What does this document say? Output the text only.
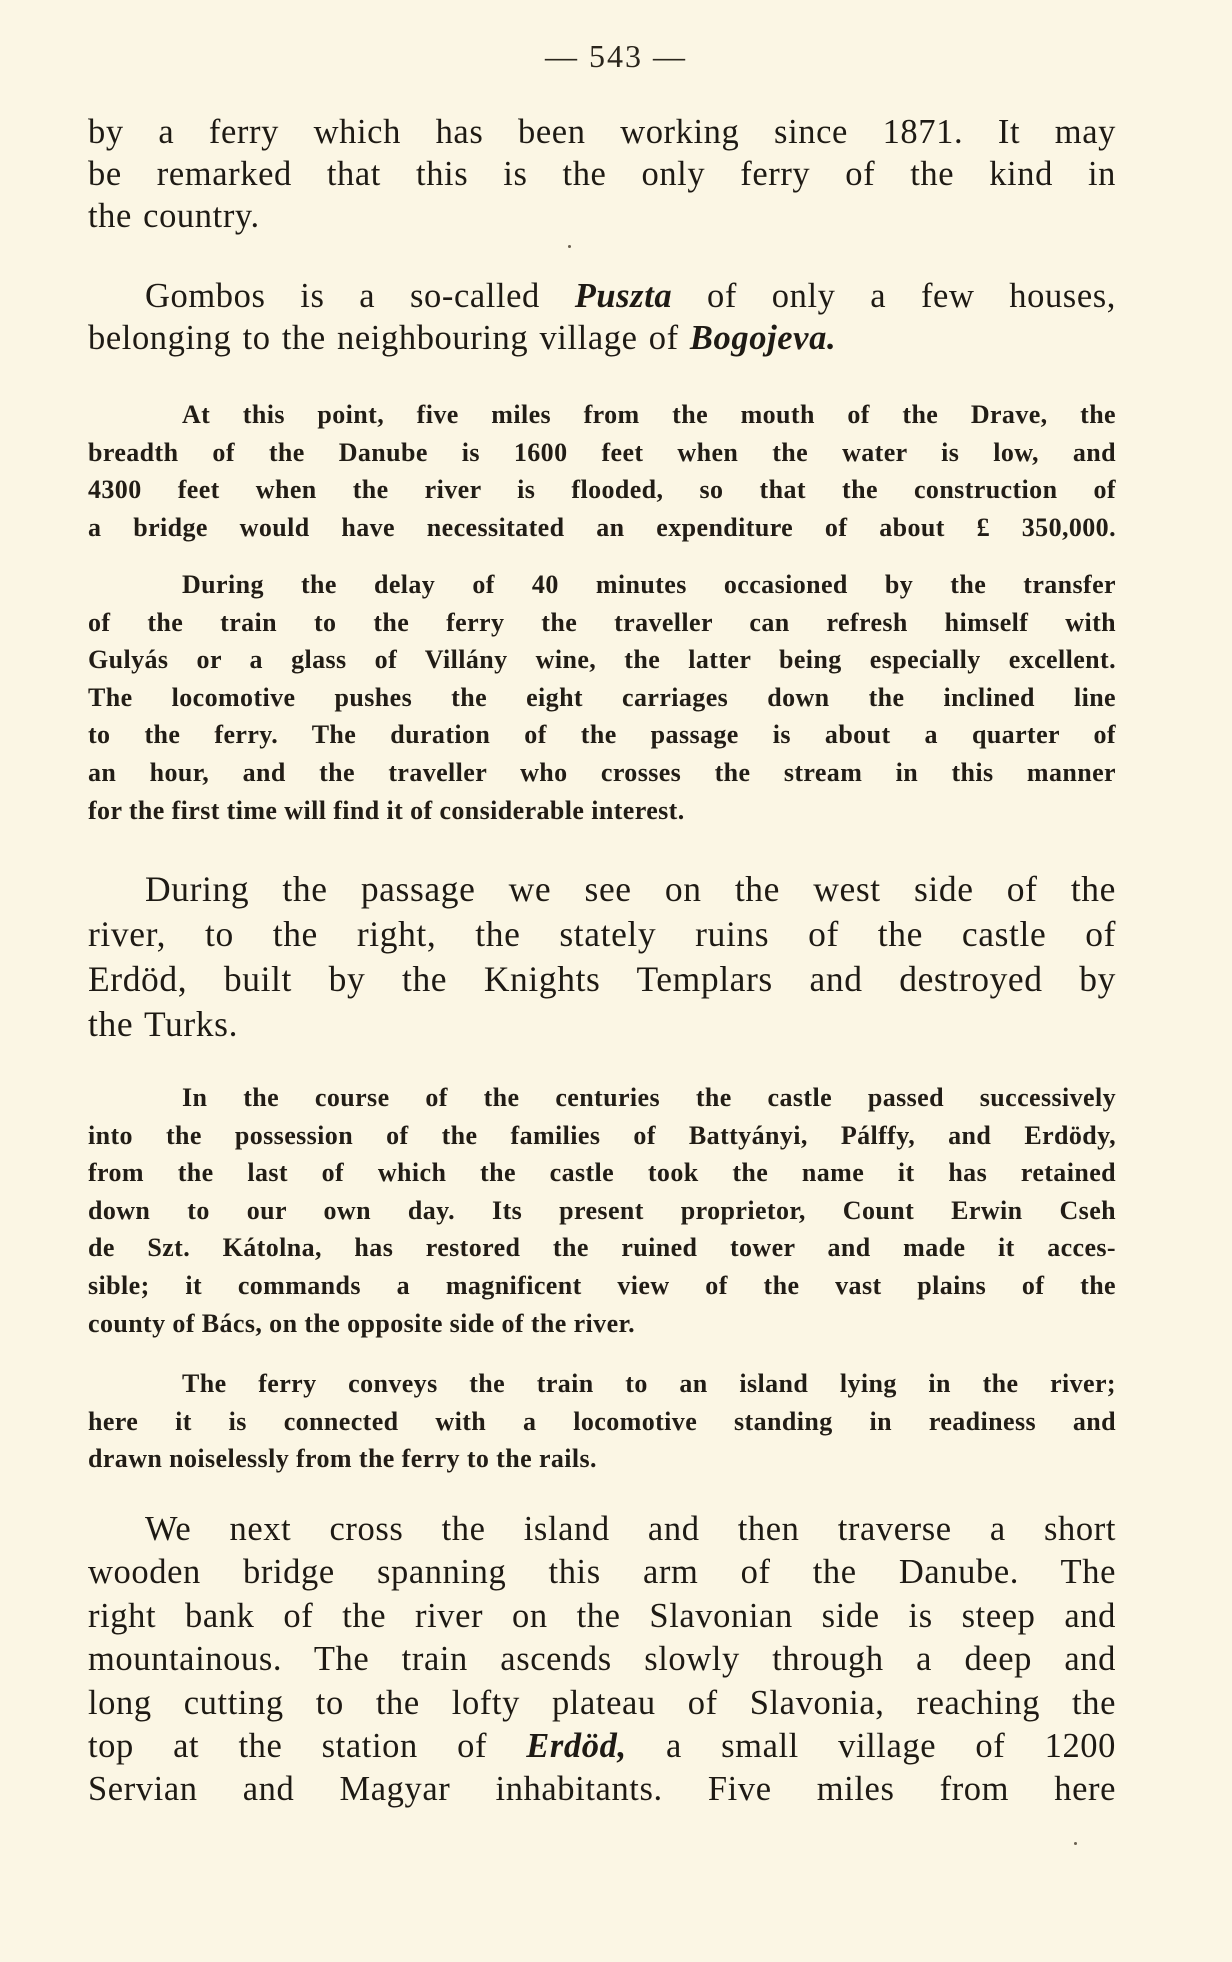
— 543 —
by a ferry which has been working since 1871. It may
be remarked that this is the only ferry of the kind in
the country.
Gombos is a so-called Puszta of only a few houses,
belonging to the neighbouring village of Bogojeva.
At this point, five miles from the mouth of the Drave, the
breadth of the Danube is 1600 feet when the water is low, and
4300 feet when the river is flooded, so that the construction of
a bridge would have necessitated an expenditure of about £ 350,000.
During the delay of 40 minutes occasioned by the transfer
of the train to the ferry the traveller can refresh himself with
Gulyás or a glass of Villány wine, the latter being especially excellent.
The locomotive pushes the eight carriages down the inclined line
to the ferry. The duration of the passage is about a quarter of
an hour, and the traveller who crosses the stream in this manner
for the first time will find it of considerable interest.
During the passage we see on the west side of the
river, to the right, the stately ruins of the castle of
Erdöd, built by the Knights Templars and destroyed by
the Turks.
In the course of the centuries the castle passed successively
into the possession of the families of Battyányi, Pálffy, and Erdödy,
from the last of which the castle took the name it has retained
down to our own day. Its present proprietor, Count Erwin Cseh
de Szt. Kátolna, has restored the ruined tower and made it acces-
sible; it commands a magnificent view of the vast plains of the
county of Bács, on the opposite side of the river.
The ferry conveys the train to an island lying in the river;
here it is connected with a locomotive standing in readiness and
drawn noiselessly from the ferry to the rails.
We next cross the island and then traverse a short
wooden bridge spanning this arm of the Danube. The
right bank of the river on the Slavonian side is steep and
mountainous. The train ascends slowly through a deep and
long cutting to the lofty plateau of Slavonia, reaching the
top at the station of Erdöd, a small village of 1200
Servian and Magyar inhabitants. Five miles from here
